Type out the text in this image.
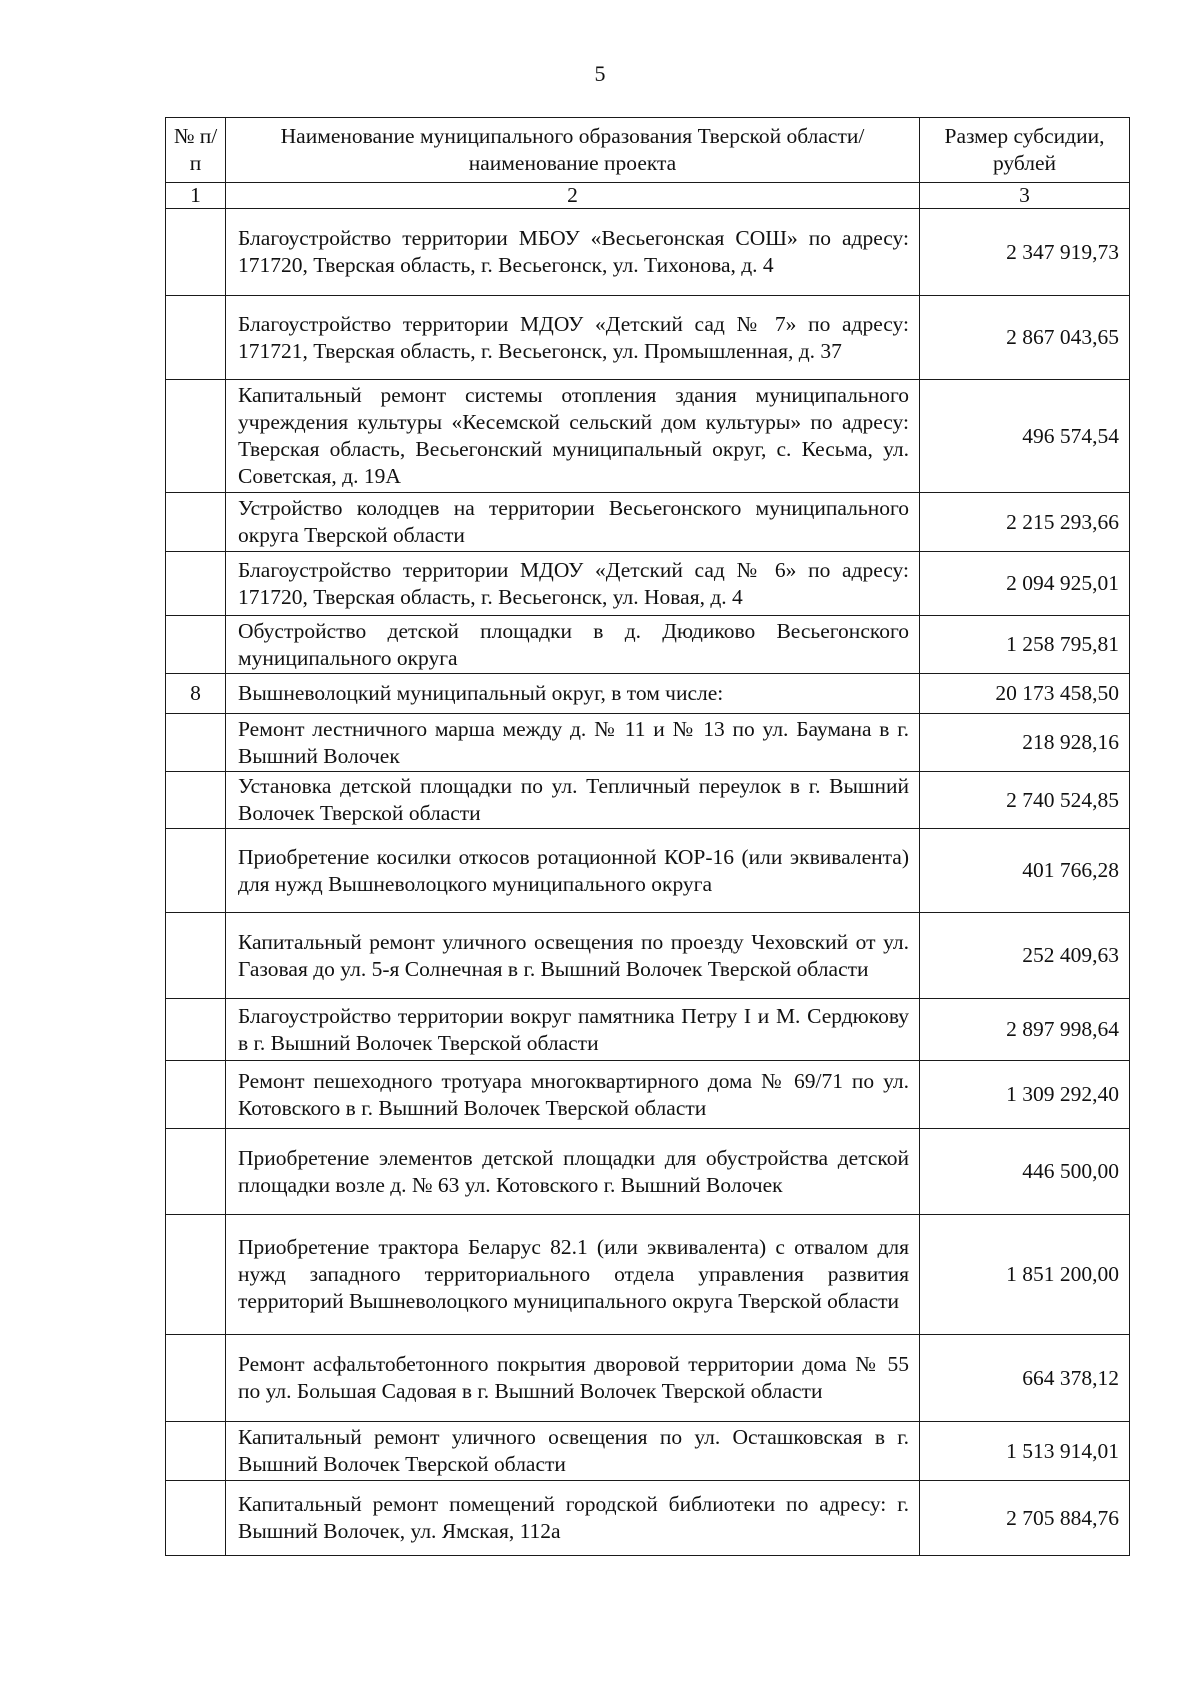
5
№ п/п	Наименование муниципального образования Тверской области/наименование проекта	Размер субсидии, рублей
1	2	3
	Благоустройство территории МБОУ «Весьегонская СОШ» по адресу: 171720, Тверская область, г. Весьегонск, ул. Тихонова, д. 4	2 347 919,73
	Благоустройство территории МДОУ «Детский сад № 7» по адресу: 171721, Тверская область, г. Весьегонск, ул. Промышленная, д. 37	2 867 043,65
	Капитальный ремонт системы отопления здания муниципального учреждения культуры «Кесемской сельский дом культуры» по адресу: Тверская область, Весьегонский муниципальный округ, с. Кесьма, ул. Советская, д. 19А	496 574,54
	Устройство колодцев на территории Весьегонского муниципального округа Тверской области	2 215 293,66
	Благоустройство территории МДОУ «Детский сад № 6» по адресу: 171720, Тверская область, г. Весьегонск, ул. Новая, д. 4	2 094 925,01
	Обустройство детской площадки в д. Дюдиково Весьегонского муниципального округа	1 258 795,81
8	Вышневолоцкий муниципальный округ, в том числе:	20 173 458,50
	Ремонт лестничного марша между д. № 11 и № 13 по ул. Баумана в г. Вышний Волочек	218 928,16
	Установка детской площадки по ул. Тепличный переулок в г. Вышний Волочек Тверской области	2 740 524,85
	Приобретение косилки откосов ротационной КОР-16 (или эквивалента) для нужд Вышневолоцкого муниципального округа	401 766,28
	Капитальный ремонт уличного освещения по проезду Чеховский от ул. Газовая до ул. 5-я Солнечная в г. Вышний Волочек Тверской области	252 409,63
	Благоустройство территории вокруг памятника Петру I и М. Сердюкову в г. Вышний Волочек Тверской области	2 897 998,64
	Ремонт пешеходного тротуара многоквартирного дома № 69/71 по ул. Котовского в г. Вышний Волочек Тверской области	1 309 292,40
	Приобретение элементов детской площадки для обустройства детской площадки возле д. № 63 ул. Котовского г. Вышний Волочек	446 500,00
	Приобретение трактора Беларус 82.1 (или эквивалента) с отвалом для нужд западного территориального отдела управления развития территорий Вышневолоцкого муниципального округа Тверской области	1 851 200,00
	Ремонт асфальтобетонного покрытия дворовой территории дома № 55 по ул. Большая Садовая в г. Вышний Волочек Тверской области	664 378,12
	Капитальный ремонт уличного освещения по ул. Осташковская в г. Вышний Волочек Тверской области	1 513 914,01
	Капитальный ремонт помещений городской библиотеки по адресу: г. Вышний Волочек, ул. Ямская, 112а	2 705 884,76
